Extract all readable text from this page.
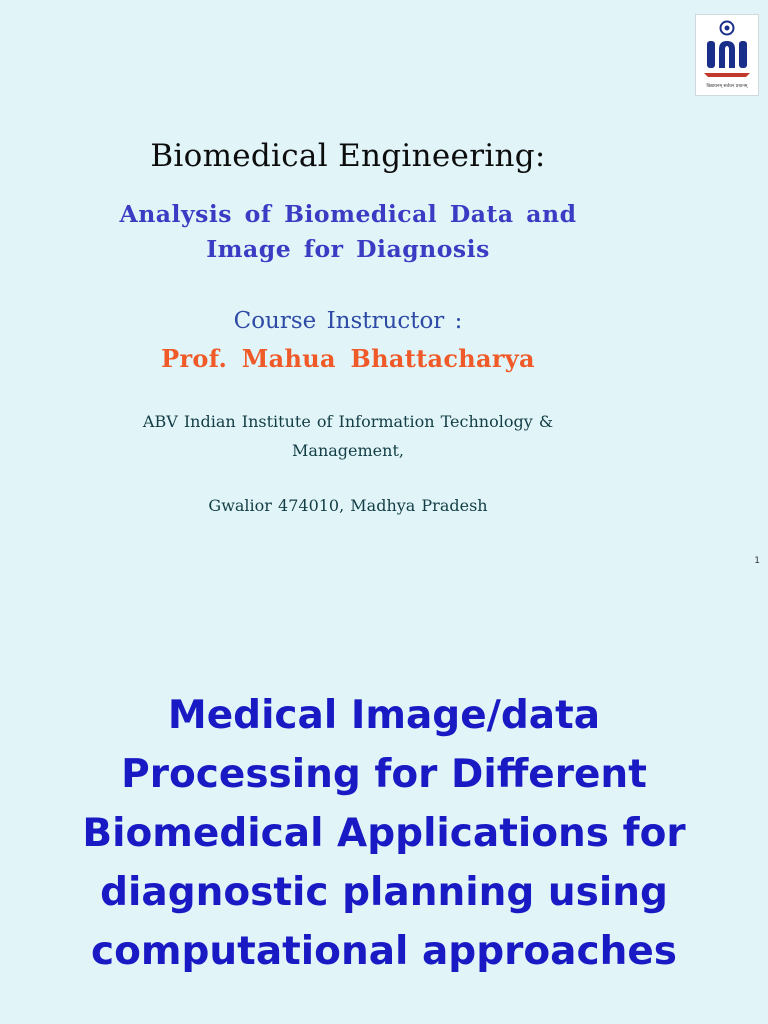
विद्याधनम् सर्वधन प्रधानम्
Biomedical Engineering:
Analysis of Biomedical Data and
Image for Diagnosis
Course Instructor :
Prof. Mahua Bhattacharya
ABV Indian Institute of Information Technology &
Management,
Gwalior 474010, Madhya Pradesh
1
Medical Image/data
Processing for Different
Biomedical Applications for
diagnostic planning using
computational approaches
